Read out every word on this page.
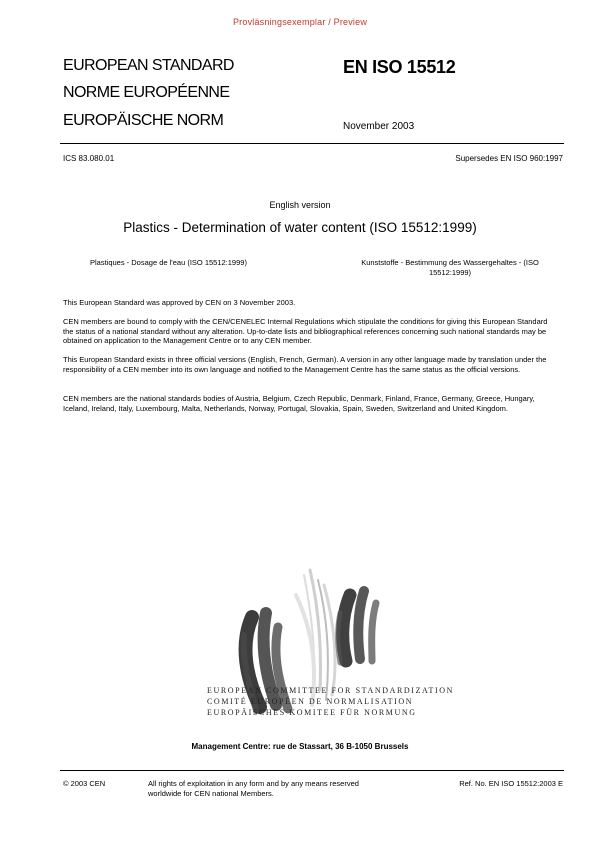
Provläsningsexemplar / Preview
EUROPEAN STANDARD
NORME EUROPÉENNE
EUROPÄISCHE NORM
EN ISO 15512
November 2003
ICS 83.080.01	Supersedes EN ISO 960:1997
English version
Plastics - Determination of water content (ISO 15512:1999)
Plastiques - Dosage de l'eau (ISO 15512:1999)	Kunststoffe - Bestimmung des Wassergehaltes - (ISO 15512:1999)
This European Standard was approved by CEN on 3 November 2003.
CEN members are bound to comply with the CEN/CENELEC Internal Regulations which stipulate the conditions for giving this European Standard the status of a national standard without any alteration. Up-to-date lists and bibliographical references concerning such national standards may be obtained on application to the Management Centre or to any CEN member.
This European Standard exists in three official versions (English, French, German). A version in any other language made by translation under the responsibility of a CEN member into its own language and notified to the Management Centre has the same status as the official versions.
CEN members are the national standards bodies of Austria, Belgium, Czech Republic, Denmark, Finland, France, Germany, Greece, Hungary, Iceland, Ireland, Italy, Luxembourg, Malta, Netherlands, Norway, Portugal, Slovakia, Spain, Sweden, Switzerland and United Kingdom.
EUROPEAN COMMITTEE FOR STANDARDIZATION
COMITÉ EUROPÉEN DE NORMALISATION
EUROPÄISCHES KOMITEE FÜR NORMUNG
Management Centre: rue de Stassart, 36 B-1050 Brussels
© 2003 CEN	All rights of exploitation in any form and by any means reserved worldwide for CEN national Members.
Ref. No. EN ISO 15512:2003 E
